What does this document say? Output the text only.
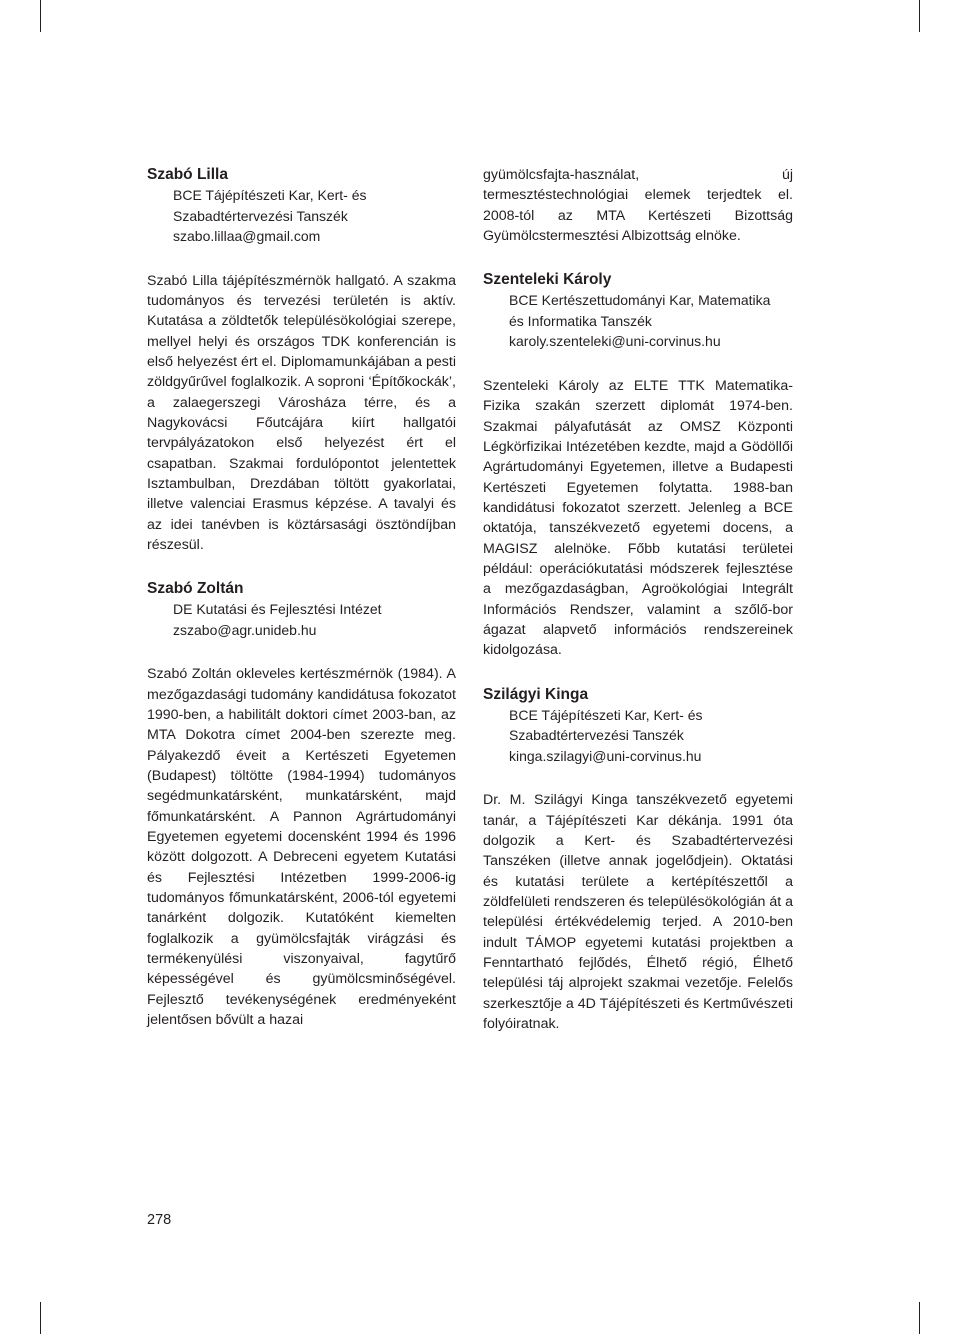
Szabó Lilla

BCE Tájépítészeti Kar, Kert- és
Szabadtértervezési Tanszék
szabo.lillaa@gmail.com

Szabó Lilla tájépítészmérnök hallgató. A szakma tudományos és tervezési területén is aktív. Kutatása a zöldtetők településökológiai szerepe, mellyel helyi és országos TDK konferencián is első helyezést ért el. Diplomamunkájában a pesti zöldgyűrűvel foglalkozik. A soproni ‘Építőkockák’, a zalaegerszegi Városháza térre, és a Nagykovácsi Főutcájára kiírt hallgatói tervpályázatokon első helyezést ért el csapatban. Szakmai fordulópontot jelentettek Isztambulban, Drezdában töltött gyakorlatai, illetve valenciai Erasmus képzése. A tavalyi és az idei tanévben is köztársasági ösztöndíjban részesül.

Szabó Zoltán

DE Kutatási és Fejlesztési Intézet
zszabo@agr.unideb.hu

Szabó Zoltán okleveles kertészmérnök (1984). A mezőgazdasági tudomány kandidátusa fokozatot 1990-ben, a habilitált doktori címet 2003-ban, az MTA Dokotra címet 2004-ben szerezte meg. Pályakezdő éveit a Kertészeti Egyetemen (Budapest) töltötte (1984-1994) tudományos segédmunkatársként, munkatársként, majd főmunkatársként. A Pannon Agrártudományi Egyetemen egyetemi docensként 1994 és 1996 között dolgozott. A Debreceni egyetem Kutatási és Fejlesztési Intézetben 1999-2006-ig tudományos főmunkatársként, 2006-tól egyetemi tanárként dolgozik. Kutatóként kiemelten foglalkozik a gyümölcsfajták virágzási és termékenyülési viszonyaival, fagytűrő képességével és gyümölcsminőségével. Fejlesztő tevékenységének eredményeként jelentősen bővült a hazai

gyümölcsfajta-használat, új termesztéstechnológiai elemek terjedtek el. 2008-tól az MTA Kertészeti Bizottság Gyümölcstermesztési Albizottság elnöke.

Szenteleki Károly

BCE Kertészettudományi Kar, Matematika
és Informatika Tanszék
karoly.szenteleki@uni-corvinus.hu

Szenteleki Károly az ELTE TTK Matematika-Fizika szakán szerzett diplomát 1974-ben. Szakmai pályafutását az OMSZ Központi Légkörfizikai Intézetében kezdte, majd a Gödöllői Agrártudományi Egyetemen, illetve a Budapesti Kertészeti Egyetemen folytatta. 1988-ban kandidátusi fokozatot szerzett. Jelenleg a BCE oktatója, tanszékvezető egyetemi docens, a MAGISZ alelnöke. Főbb kutatási területei például: operációkutatási módszerek fejlesztése a mezőgazdaságban, Agroökológiai Integrált Információs Rendszer, valamint a szőlő-bor ágazat alapvető információs rendszereinek kidolgozása.

Szilágyi Kinga

BCE Tájépítészeti Kar, Kert- és
Szabadtértervezési Tanszék
kinga.szilagyi@uni-corvinus.hu

Dr. M. Szilágyi Kinga tanszékvezető egyetemi tanár, a Tájépítészeti Kar dékánja. 1991 óta dolgozik a Kert- és Szabadtértervezési Tanszéken (illetve annak jogelődjein). Oktatási és kutatási területe a kertépítészettől a zöldfelületi rendszeren és településökológián át a települési értékvédelemig terjed. A 2010-ben indult TÁMOP egyetemi kutatási projektben a Fenntartható fejlődés, Élhető régió, Élhető települési táj alprojekt szakmai vezetője. Felelős szerkesztője a 4D Tájépítészeti és Kertművészeti folyóiratnak.

278
